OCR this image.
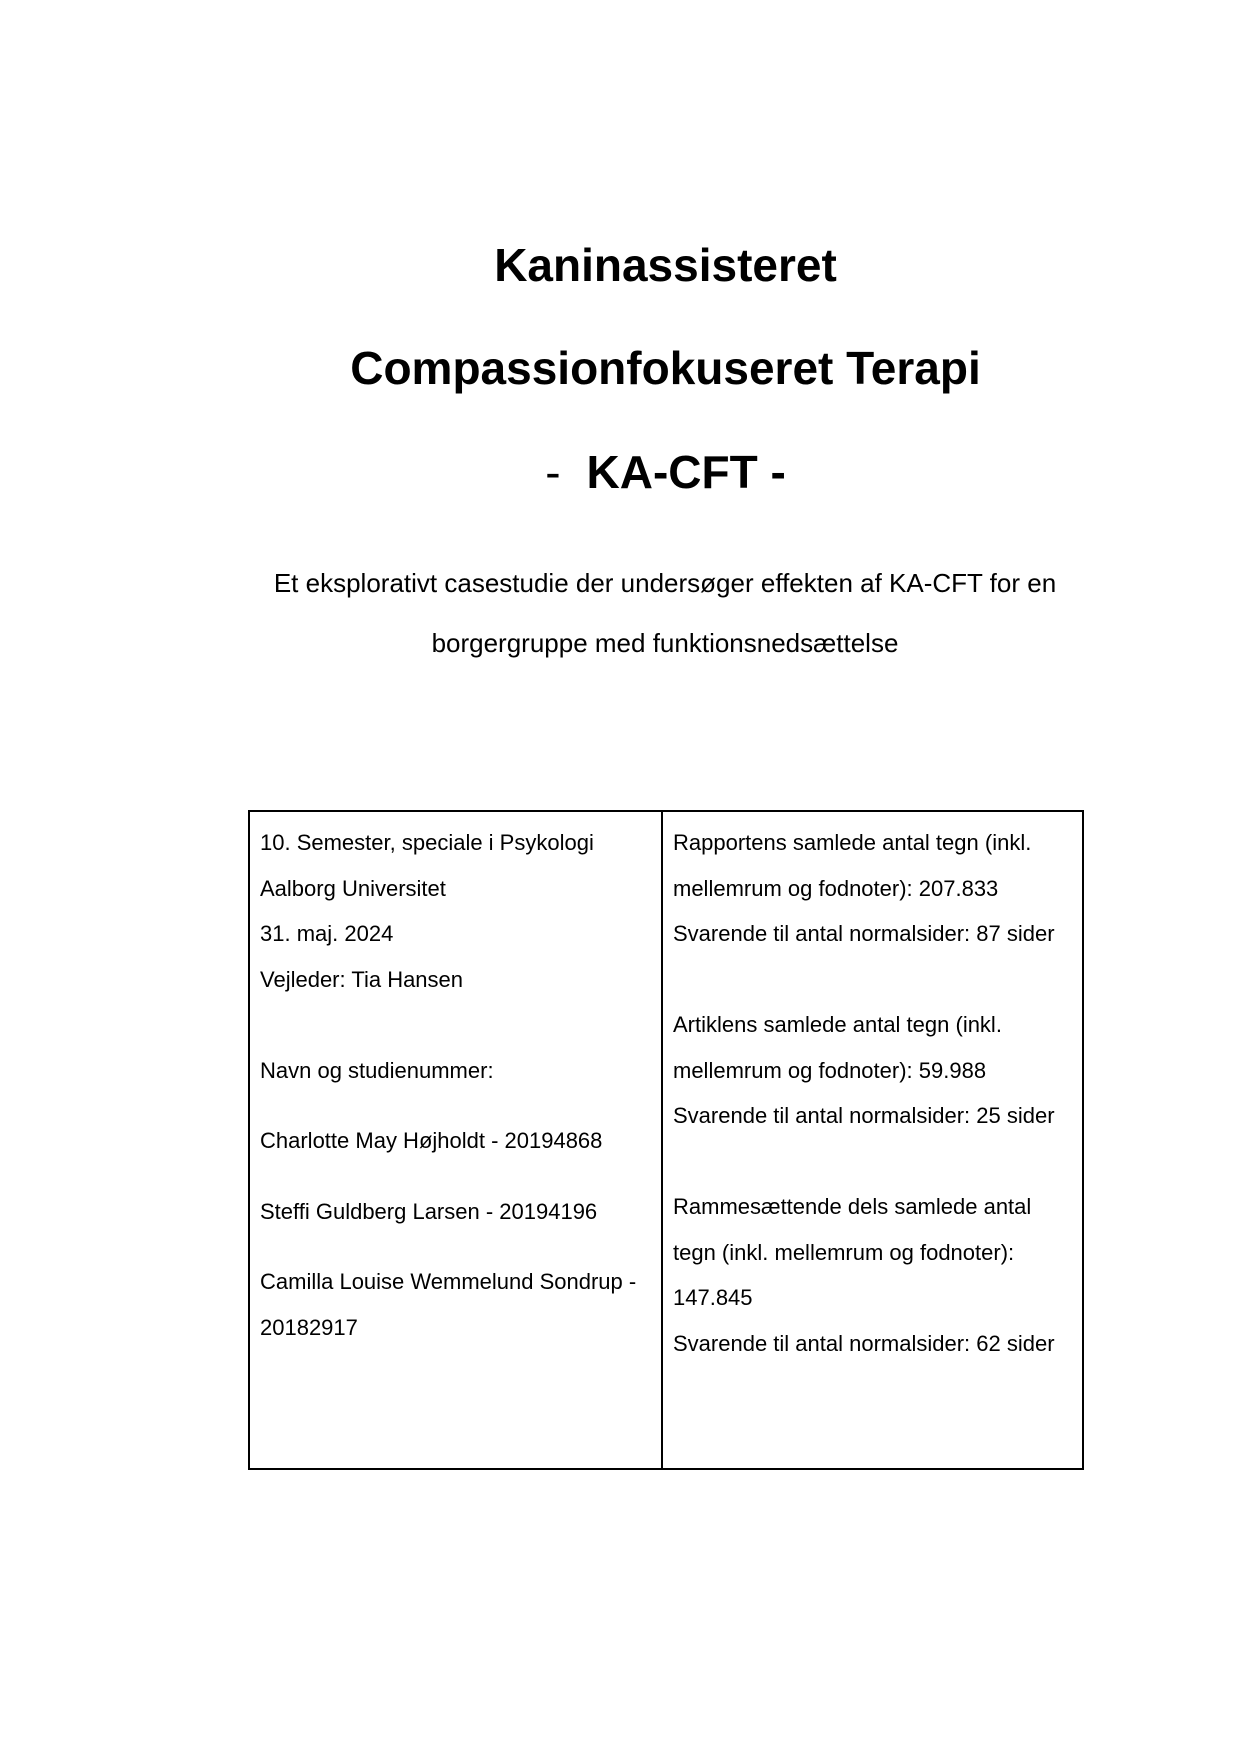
Kaninassisteret
Compassionfokuseret Terapi
- KA-CFT -
Et eksplorativt casestudie der undersøger effekten af KA-CFT for en
borgergruppe med funktionsnedsættelse
10. Semester, speciale i Psykologi
Aalborg Universitet
31. maj. 2024
Vejleder: Tia Hansen
Navn og studienummer:
Charlotte May Højholdt - 20194868
Steffi Guldberg Larsen - 20194196
Camilla Louise Wemmelund Sondrup -
20182917
Rapportens samlede antal tegn (inkl.
mellemrum og fodnoter): 207.833
Svarende til antal normalsider: 87 sider
Artiklens samlede antal tegn (inkl.
mellemrum og fodnoter): 59.988
Svarende til antal normalsider: 25 sider
Rammesættende dels samlede antal
tegn (inkl. mellemrum og fodnoter):
147.845
Svarende til antal normalsider: 62 sider
